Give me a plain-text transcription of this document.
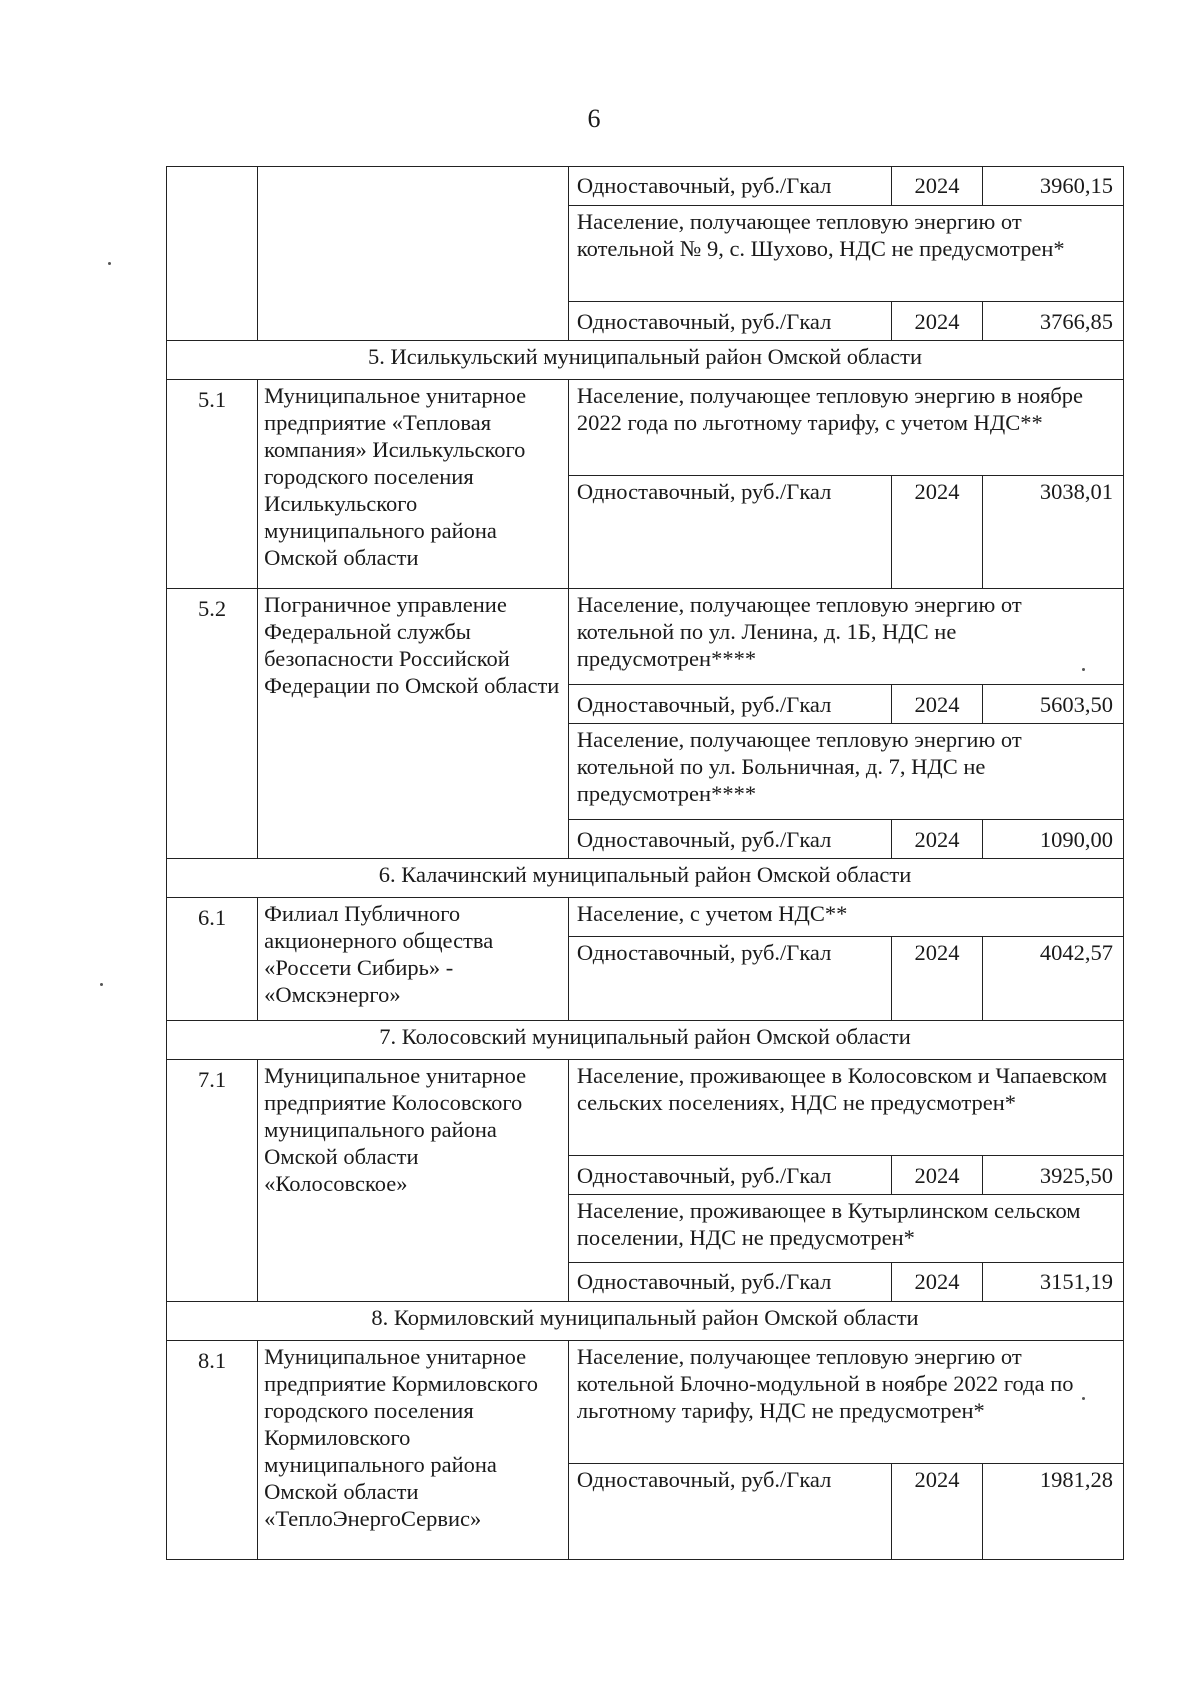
6
		Одноставочный, руб./Гкал	2024	3960,15
		Население, получающее тепловую энергию от котельной № 9, с. Шухово, НДС не предусмотрен*		
		Одноставочный, руб./Гкал	2024	3766,85
5. Исилькульский муниципальный район Омской области				
5.1	Муниципальное унитарное предприятие «Тепловая компания» Исилькульского городского поселения Исилькульского муниципального района Омской области	Население, получающее тепловую энергию в ноябре 2022 года по льготному тарифу, с учетом НДС**		
		Одноставочный, руб./Гкал	2024	3038,01
5.2	Пограничное управление Федеральной службы безопасности Российской Федерации по Омской области	Население, получающее тепловую энергию от котельной по ул. Ленина, д. 1Б, НДС не предусмотрен****		
		Одноставочный, руб./Гкал	2024	5603,50
		Население, получающее тепловую энергию от котельной по ул. Больничная, д. 7, НДС не предусмотрен****		
		Одноставочный, руб./Гкал	2024	1090,00
6. Калачинский муниципальный район Омской области				
6.1	Филиал Публичного акционерного общества «Россети Сибирь» - «Омскэнерго»	Население, с учетом НДС**		
		Одноставочный, руб./Гкал	2024	4042,57
7. Колосовский муниципальный район Омской области				
7.1	Муниципальное унитарное предприятие Колосовского муниципального района Омской области «Колосовское»	Население, проживающее в Колосовском и Чапаевском сельских поселениях, НДС не предусмотрен*		
		Одноставочный, руб./Гкал	2024	3925,50
		Население, проживающее в Кутырлинском сельском поселении, НДС не предусмотрен*		
		Одноставочный, руб./Гкал	2024	3151,19
8. Кормиловский муниципальный район Омской области				
8.1	Муниципальное унитарное предприятие Кормиловского городского поселения Кормиловского муниципального района Омской области «ТеплоЭнергоСервис»	Население, получающее тепловую энергию от котельной Блочно-модульной в ноябре 2022 года по льготному тарифу, НДС не предусмотрен*		
		Одноставочный, руб./Гкал	2024	1981,28
